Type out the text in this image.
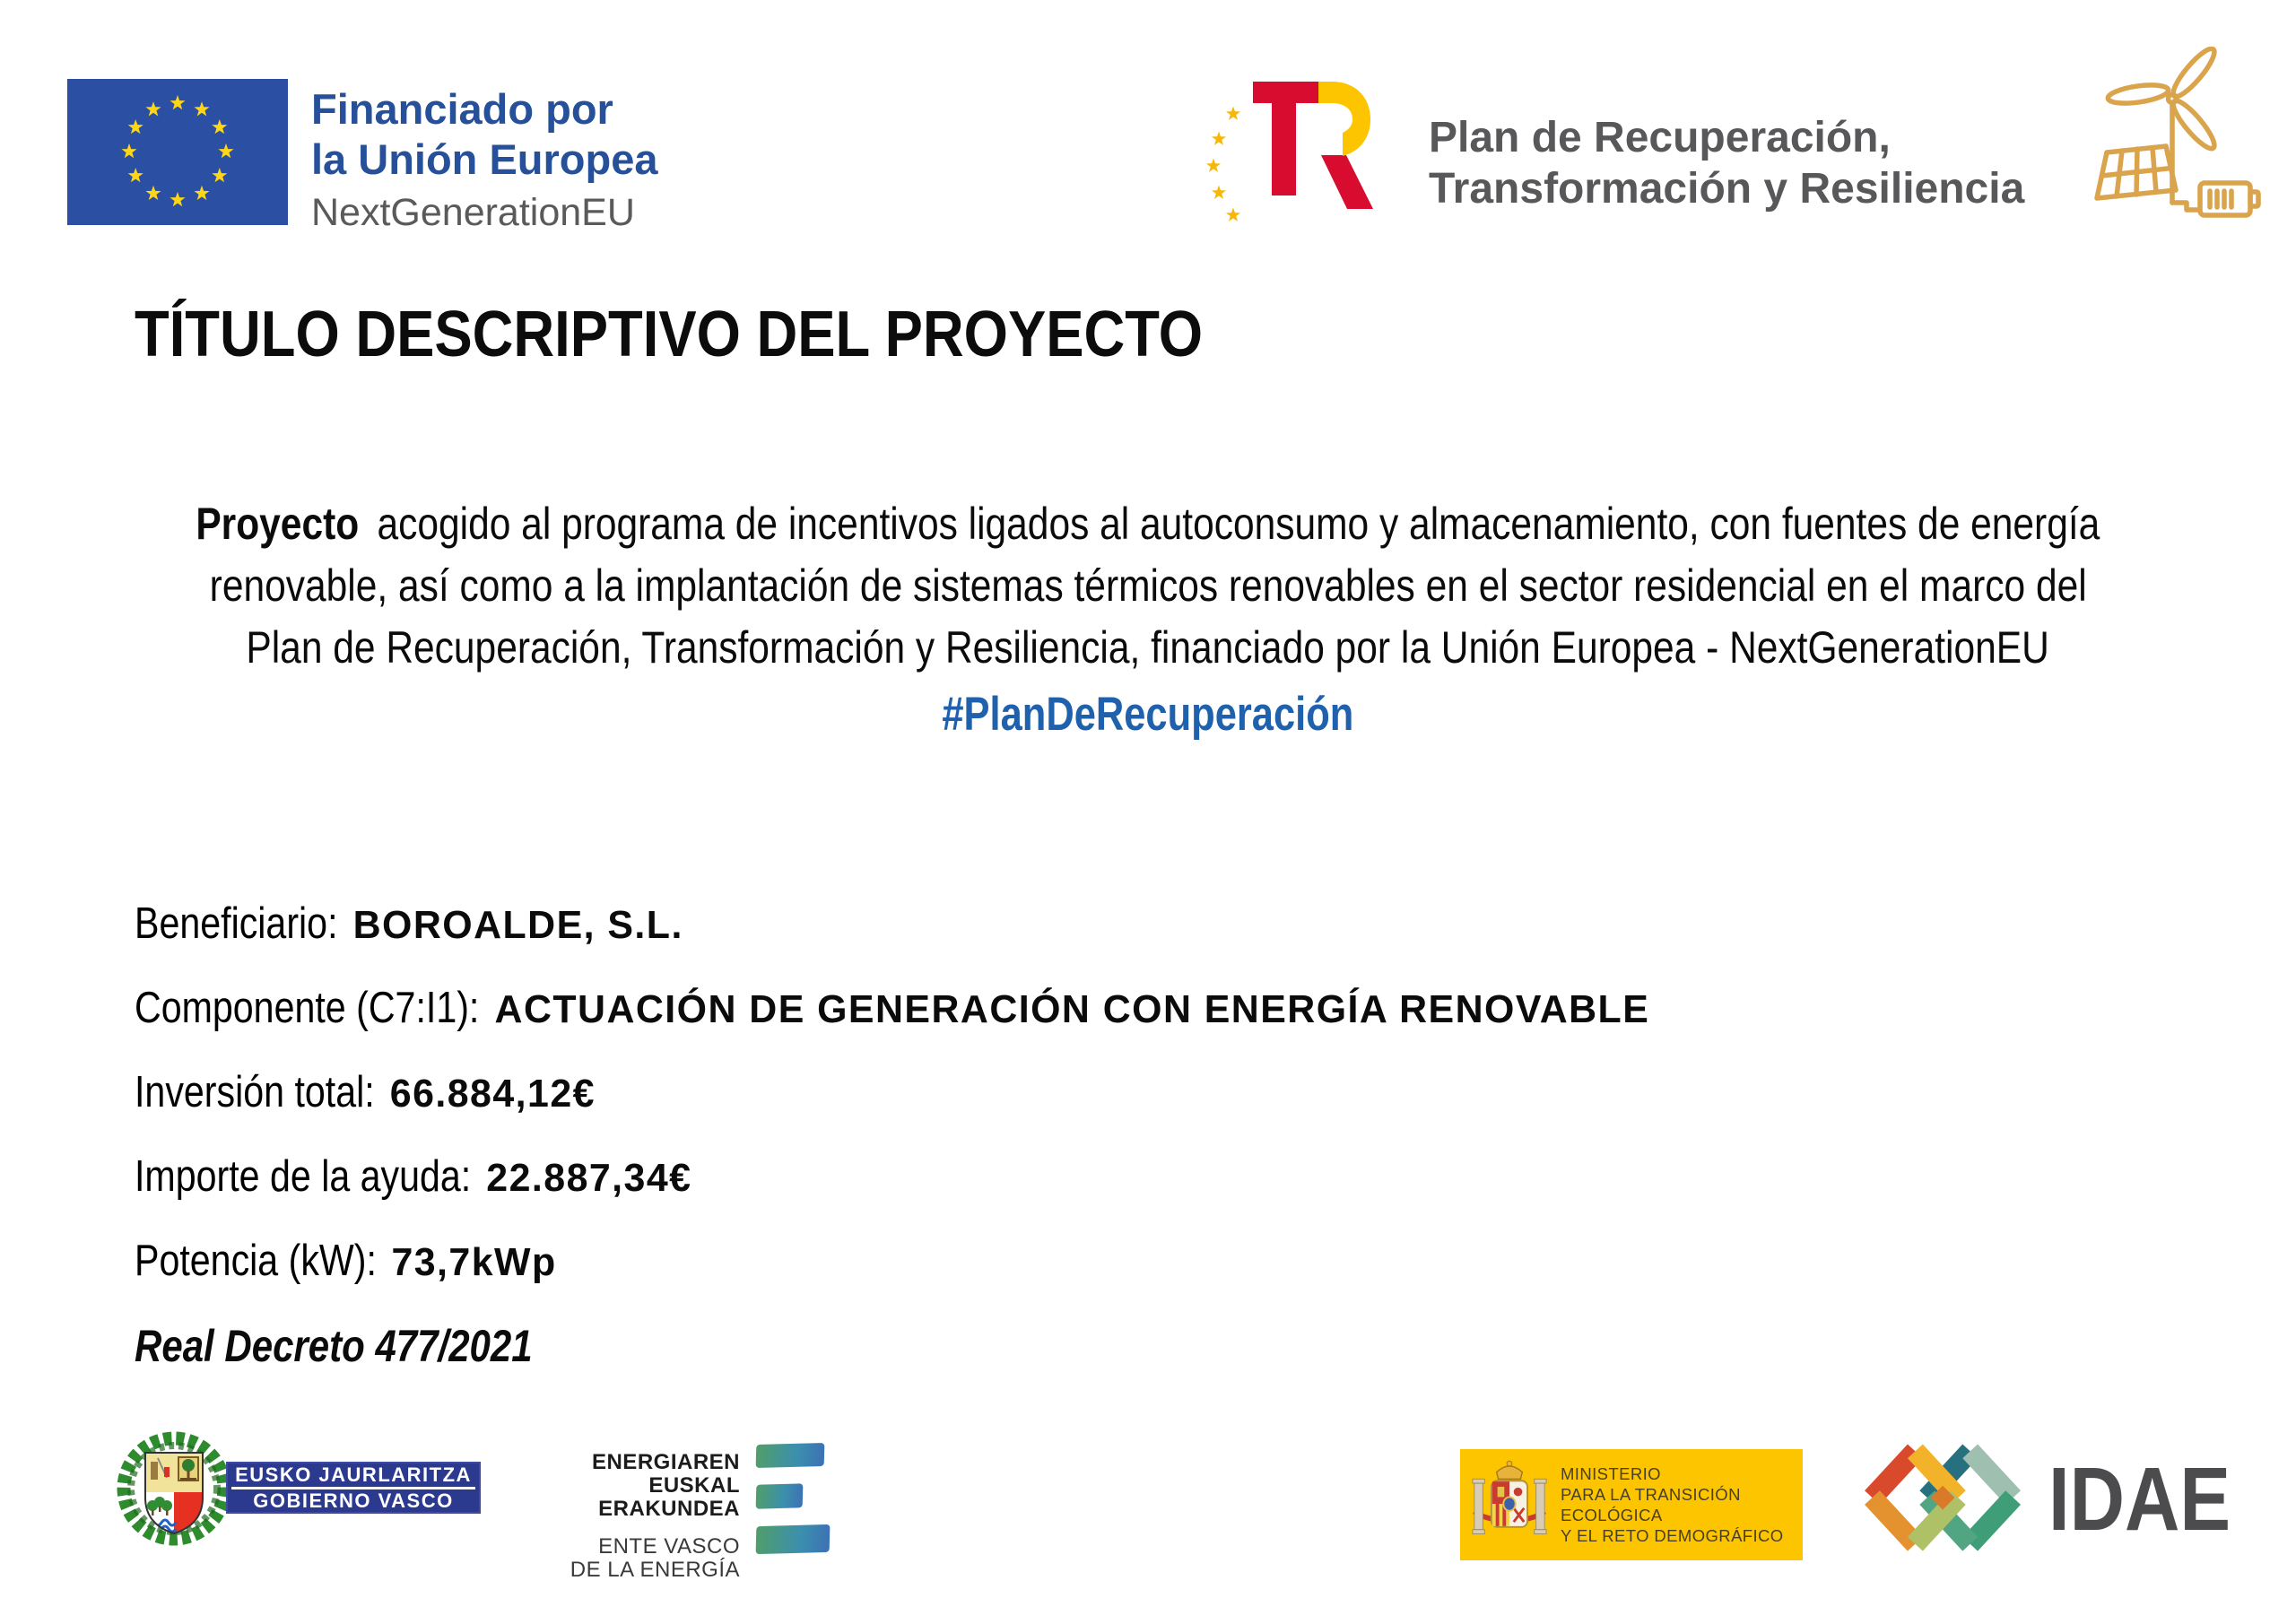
Financiado por
la Unión Europea
NextGenerationEU
Plan de Recuperación,
Transformación y Resiliencia
TÍTULO DESCRIPTIVO DEL PROYECTO
Proyecto acogido al programa de incentivos ligados al autoconsumo y almacenamiento, con fuentes de energía
renovable, así como a la implantación de sistemas térmicos renovables en el sector residencial en el marco del
Plan de Recuperación, Transformación y Resiliencia, financiado por la Unión Europea - NextGenerationEU
#PlanDeRecuperación
Beneficiario: BOROALDE, S.L.
Componente (C7:I1): ACTUACIÓN DE GENERACIÓN CON ENERGÍA RENOVABLE
Inversión total: 66.884,12€
Importe de la ayuda: 22.887,34€
Potencia (kW): 73,7kWp
Real Decreto 477/2021
EUSKO JAURLARITZA
GOBIERNO VASCO
ENERGIAREN
EUSKAL ERAKUNDEA
ENTE VASCO
DE LA ENERGÍA
MINISTERIO
PARA LA TRANSICIÓN ECOLÓGICA
Y EL RETO DEMOGRÁFICO	IDAE
